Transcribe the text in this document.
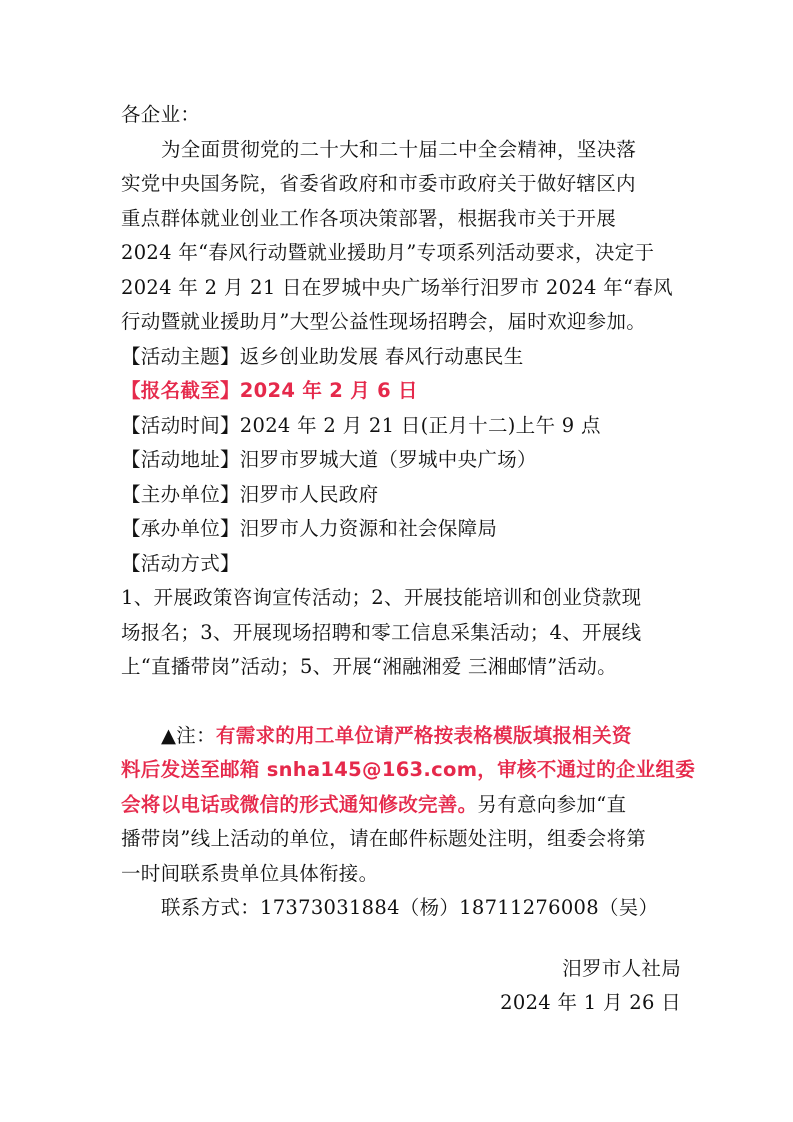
各企业：
为全面贯彻党的二十大和二十届二中全会精神，坚决落
实党中央国务院，省委省政府和市委市政府关于做好辖区内
重点群体就业创业工作各项决策部署，根据我市关于开展
2024 年“春风行动暨就业援助月”专项系列活动要求，决定于
2024 年 2 月 21 日在罗城中央广场举行汨罗市 2024 年“春风
行动暨就业援助月”大型公益性现场招聘会，届时欢迎参加。
【活动主题】返乡创业助发展 春风行动惠民生
【报名截至】2024 年 2 月 6 日
【活动时间】2024 年 2 月 21 日(正月十二)上午 9 点
【活动地址】汨罗市罗城大道（罗城中央广场）
【主办单位】汨罗市人民政府
【承办单位】汨罗市人力资源和社会保障局
【活动方式】
1、开展政策咨询宣传活动；2、开展技能培训和创业贷款现
场报名；3、开展现场招聘和零工信息采集活动；4、开展线
上“直播带岗”活动；5、开展“湘融湘爱 三湘邮情”活动。
▲注：有需求的用工单位请严格按表格模版填报相关资
料后发送至邮箱 snha145@163.com，审核不通过的企业组委
会将以电话或微信的形式通知修改完善。另有意向参加“直
播带岗”线上活动的单位，请在邮件标题处注明，组委会将第
一时间联系贵单位具体衔接。
联系方式：17373031884（杨）18711276008（吴）
汨罗市人社局
2024 年 1 月 26 日
